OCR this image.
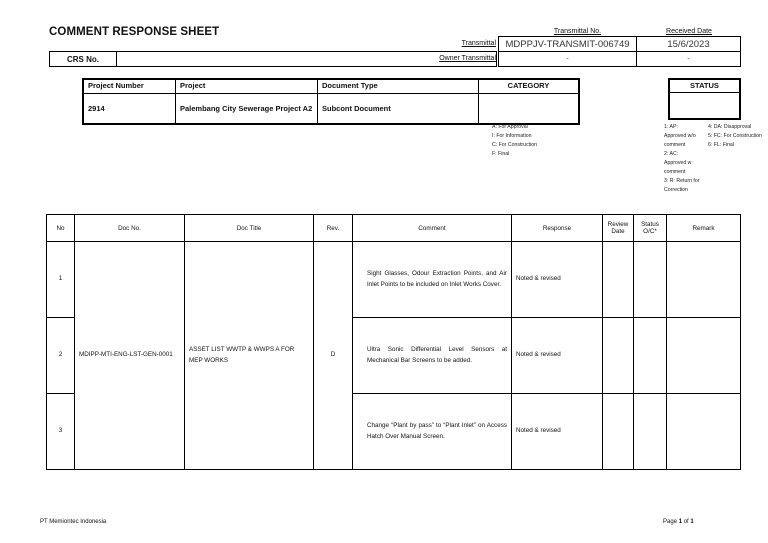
COMMENT RESPONSE SHEET	Transmittal No.	Received Date
Transmittal
Owner Transmittal
MDPPJV-TRANSMIT-006749	15/6/2023
-	-
CRS No.
Project Number	Project	Document Type	CATEGORY
2914	Palembang City Sewerage Project A2	Subcont Document	
STATUS
A: For Approval
I: For Information
C: For Construction
F: Final
1: AP:
Approved w/o
comment
2: AC:
Approved w
comment
3: R: Return for
Correction
4: DA: Disapproval
5: FC: For Construction
6: FL: Final
No	Doc No.	Doc Title	Rev.	Comment	Response	Review Date	Status O/C*	Remark
1	MDIPP-MTI-ENG-LST-GEN-0001	ASSET LIST WWTP & WWPS A FOR MEP WORKS	D	Sight Glasses, Odour Extraction Points, and Air Inlet Points to be included on Inlet Works Cover.	Noted & revised			
2				Ultra Sonic Differential Level Sensors at Mechanical Bar Screens to be added.	Noted & revised			
3				Change “Plant by pass” to “Plant Inlet” on Access Hatch Over Manual Screen.	Noted & revised			
PT Memiontec Indonesia	Page 1 of 1
